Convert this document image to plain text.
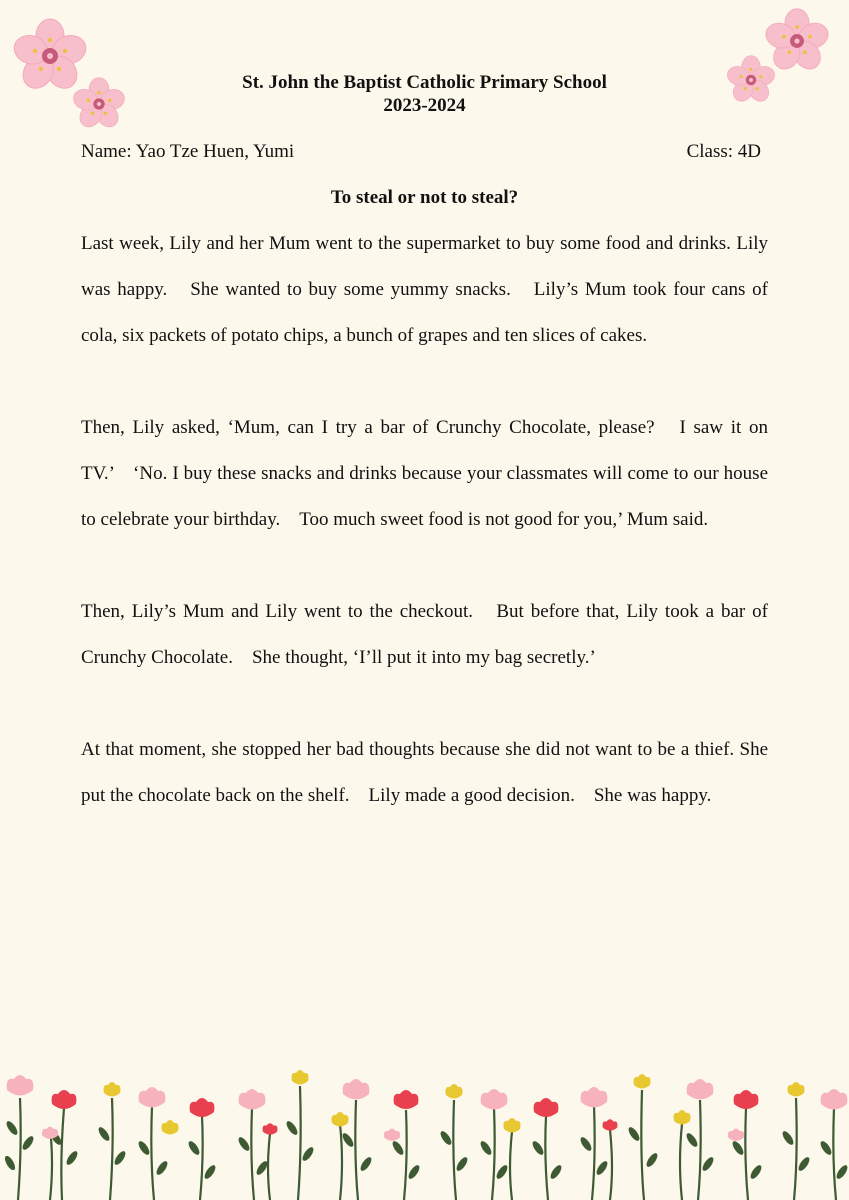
St. John the Baptist Catholic Primary School
2023-2024
Name: Yao Tze Huen, Yumi	Class: 4D
To steal or not to steal?

Last week, Lily and her Mum went to the supermarket to buy some food and drinks. Lily was happy.　She wanted to buy some yummy snacks.　Lily’s Mum took four cans of cola, six packets of potato chips, a bunch of grapes and ten slices of cakes.

Then, Lily asked, ‘Mum, can I try a bar of Crunchy Chocolate, please?　I saw it on TV.’　‘No. I buy these snacks and drinks because your classmates will come to our house to celebrate your birthday.　Too much sweet food is not good for you,’ Mum said.

Then, Lily’s Mum and Lily went to the checkout.　But before that, Lily took a bar of Crunchy Chocolate.　She thought, ‘I’ll put it into my bag secretly.’

At that moment, she stopped her bad thoughts because she did not want to be a thief. She put the chocolate back on the shelf.　Lily made a good decision.　She was happy.
